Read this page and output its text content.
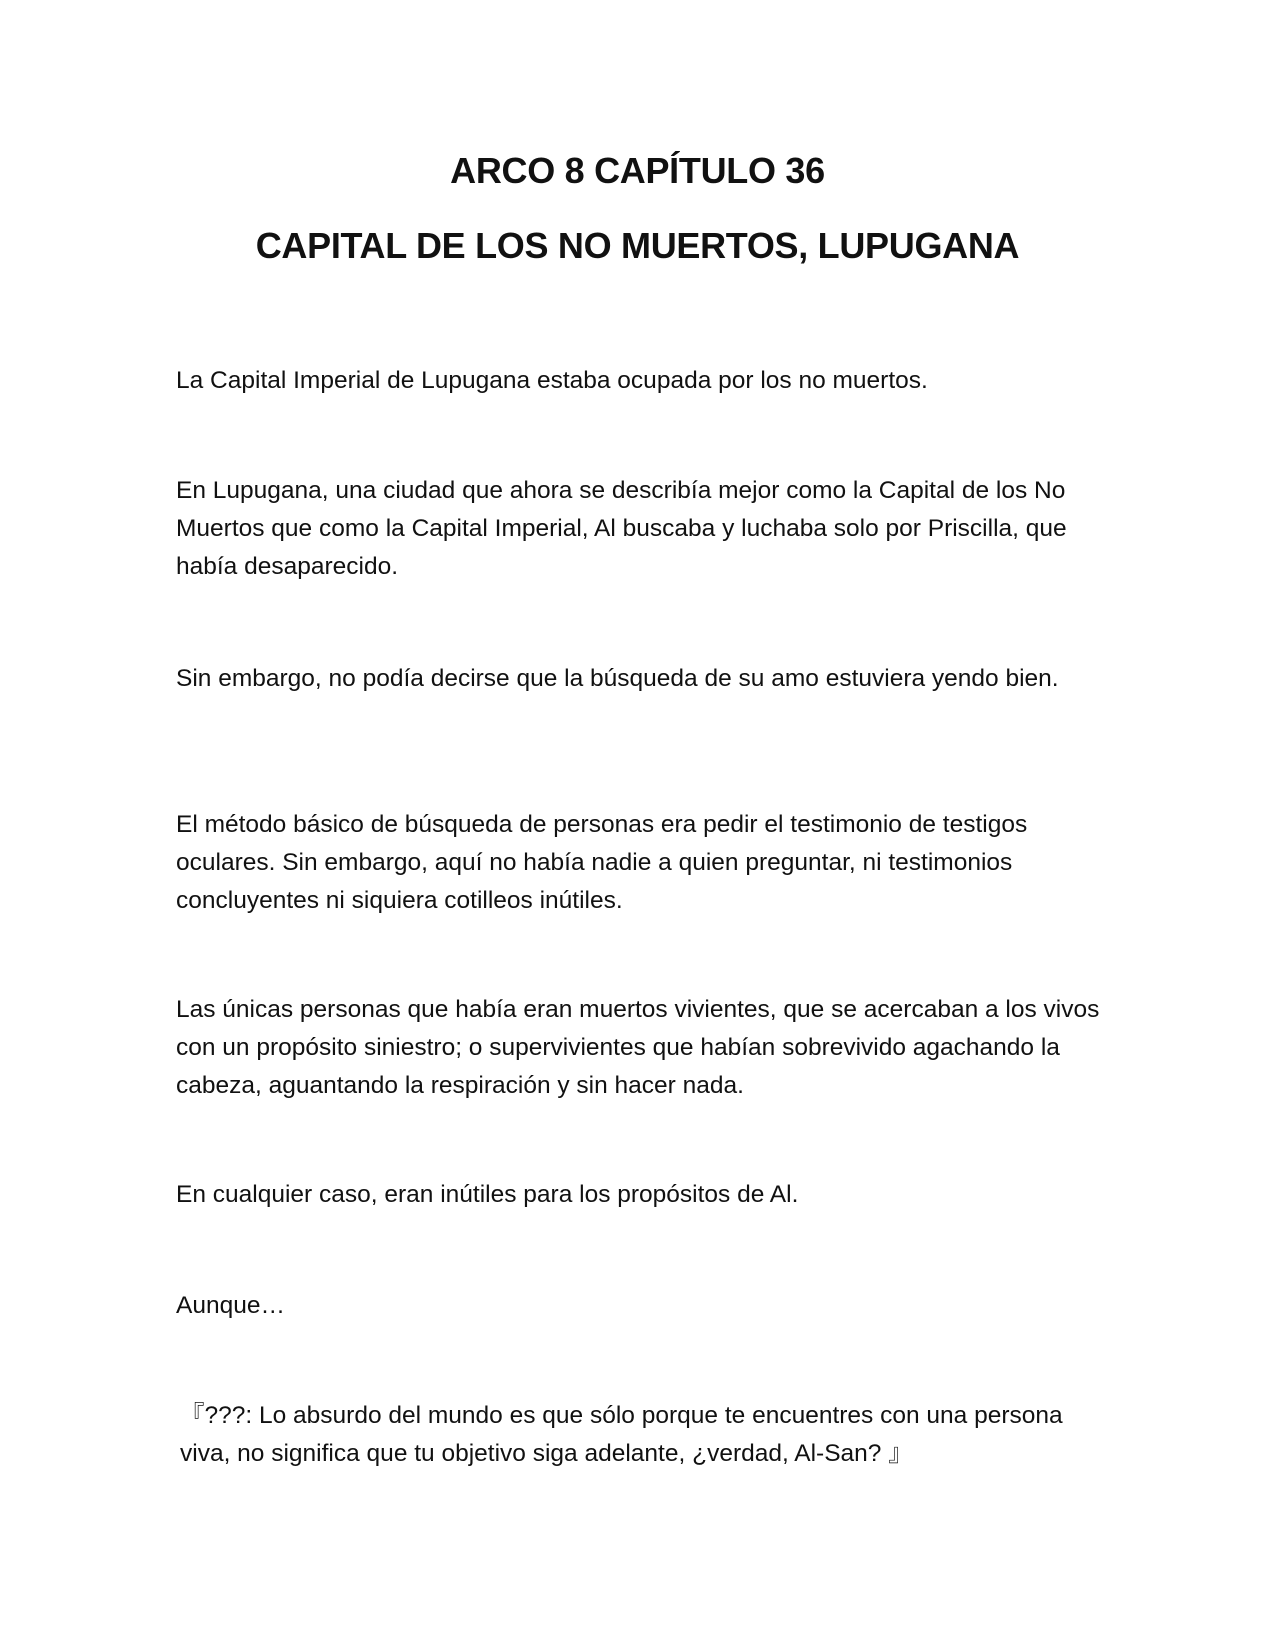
ARCO 8 CAPÍTULO 36
CAPITAL DE LOS NO MUERTOS, LUPUGANA

La Capital Imperial de Lupugana estaba ocupada por los no muertos.

En Lupugana, una ciudad que ahora se describía mejor como la Capital de los No Muertos que como la Capital Imperial, Al buscaba y luchaba solo por Priscilla, que había desaparecido.

Sin embargo, no podía decirse que la búsqueda de su amo estuviera yendo bien.

El método básico de búsqueda de personas era pedir el testimonio de testigos oculares. Sin embargo, aquí no había nadie a quien preguntar, ni testimonios concluyentes ni siquiera cotilleos inútiles.

Las únicas personas que había eran muertos vivientes, que se acercaban a los vivos con un propósito siniestro; o supervivientes que habían sobrevivido agachando la cabeza, aguantando la respiración y sin hacer nada.

En cualquier caso, eran inútiles para los propósitos de Al.

Aunque…

『???: Lo absurdo del mundo es que sólo porque te encuentres con una persona viva, no significa que tu objetivo siga adelante, ¿verdad, Al-San? 』
